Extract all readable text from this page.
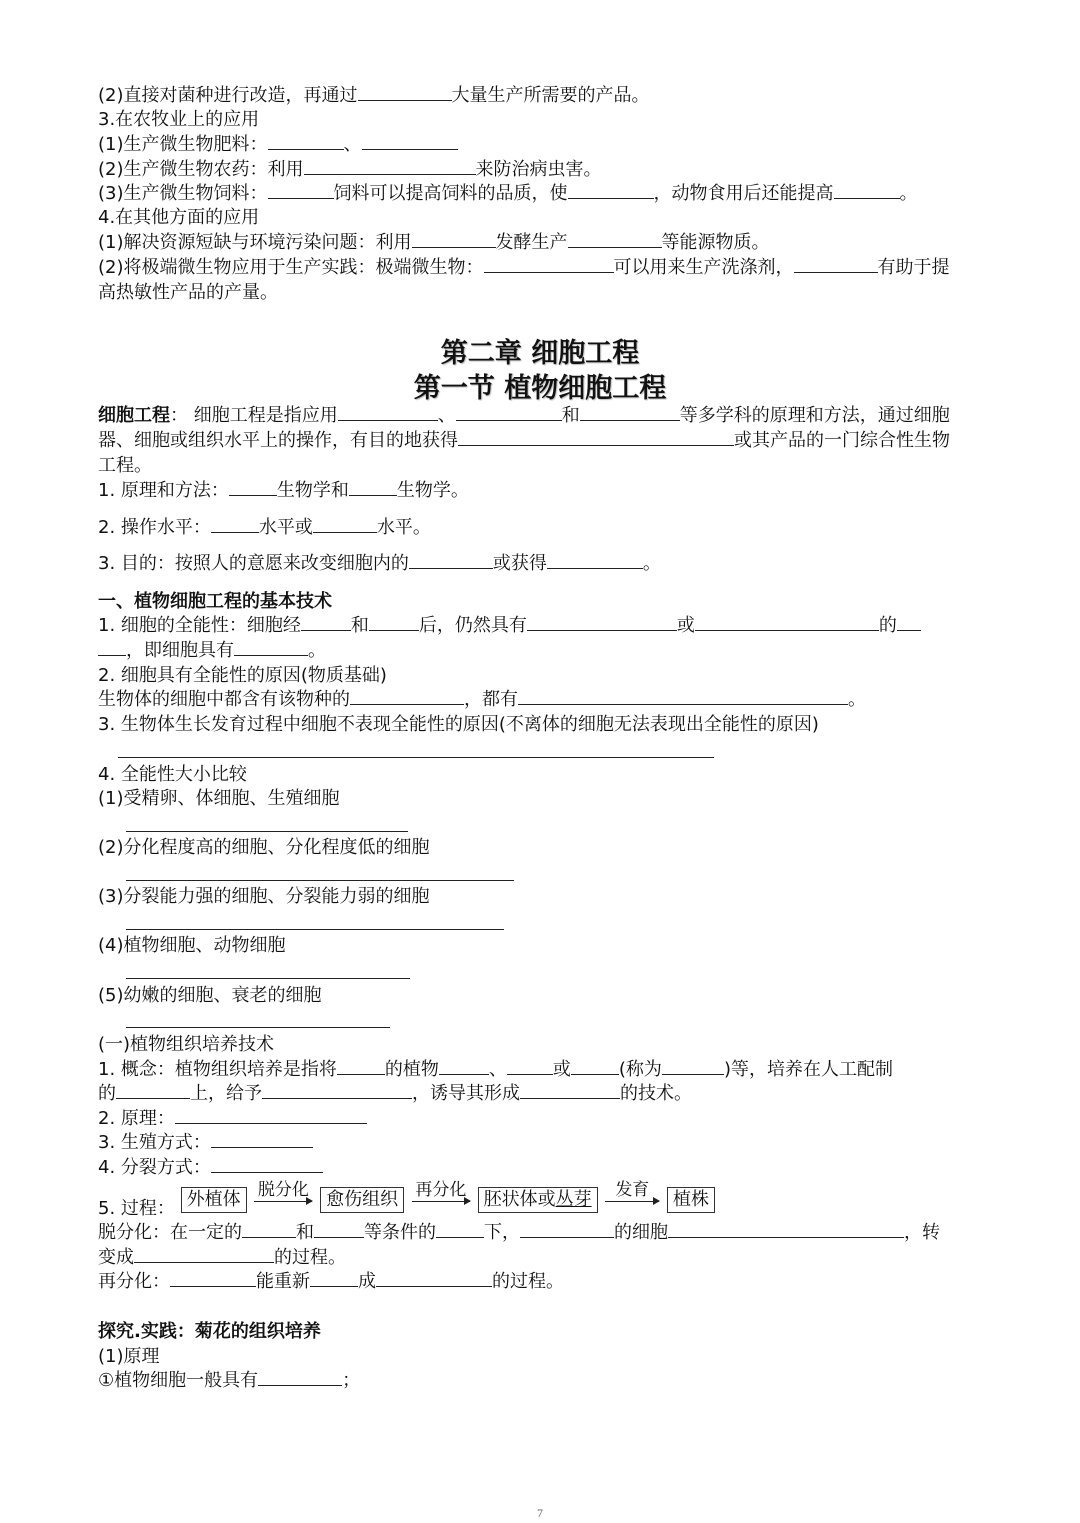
(2)直接对菌种进行改造，再通过	大量生产所需要的产品。
3.在农牧业上的应用
(1)生产微生物肥料：	、
(2)生产微生物农药：利用	来防治病虫害。
(3)生产微生物饲料：	饲料可以提高饲料的品质，使	，动物食用后还能提高	。
4.在其他方面的应用
(1)解决资源短缺与环境污染问题：利用	发酵生产	等能源物质。
(2)将极端微生物应用于生产实践：极端微生物：	可以用来生产洗涤剂，	有助于提
高热敏性产品的产量。
第二章 细胞工程
第一节 植物细胞工程
细胞工程： 细胞工程是指应用	、	和	等多学科的原理和方法，通过细胞
器、细胞或组织水平上的操作，有目的地获得	或其产品的一门综合性生物
工程。
1. 原理和方法：	生物学和	生物学。
2. 操作水平：	水平或	水平。
3. 目的：按照人的意愿来改变细胞内的	或获得	。
一、植物细胞工程的基本技术
1. 细胞的全能性：细胞经	和	后，仍然具有	或	的
，即细胞具有	。
2. 细胞具有全能性的原因(物质基础)
生物体的细胞中都含有该物种的	，都有	。
3. 生物体生长发育过程中细胞不表现全能性的原因(不离体的细胞无法表现出全能性的原因)
4. 全能性大小比较
(1)受精卵、体细胞、生殖细胞
(2)分化程度高的细胞、分化程度低的细胞
(3)分裂能力强的细胞、分裂能力弱的细胞
(4)植物细胞、动物细胞
(5)幼嫩的细胞、衰老的细胞
(一)植物组织培养技术
1. 概念：植物组织培养是指将	的植物	、	或	(称为	)等，培养在人工配制
的	上，给予	，诱导其形成	的技术。
2. 原理：
3. 生殖方式：
4. 分裂方式：
5. 过程： 外植体 脱分化 愈伤组织 再分化 胚状体或丛芽	发育	植株
脱分化：在一定的	和	等条件的	下，	的细胞	，转
变成	的过程。
再分化：	能重新	成	的过程。
探究.实践：菊花的组织培养
(1)原理
①植物细胞一般具有	；
7
